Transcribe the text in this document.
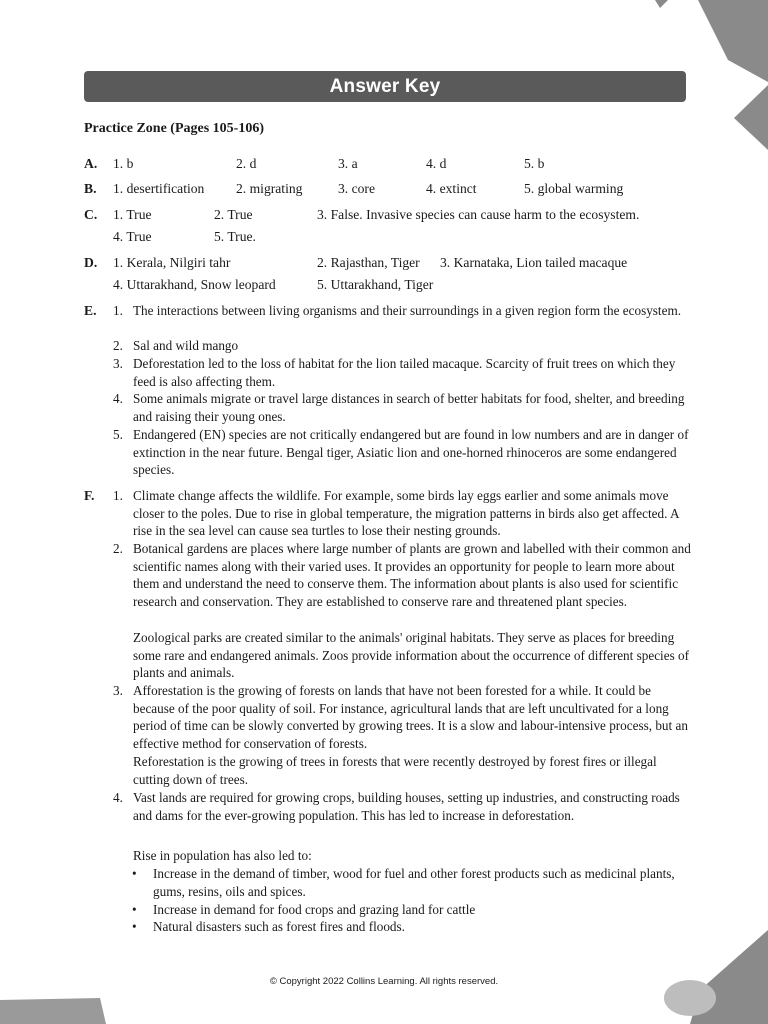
Answer Key
Practice Zone (Pages 105-106)
A. 1. b	2. d	3. a	4. d	5. b
B. 1. desertification 2. migrating	3. core	4. extinct	5. global warming
C. 1. True	2. True	3. False. Invasive species can cause harm to the ecosystem.
4. True	5. True.
D. 1. Kerala, Nilgiri tahr	2. Rajasthan, Tiger 3. Karnataka, Lion tailed macaque
4. Uttarakhand, Snow leopard	5. Uttarakhand, Tiger
E. 1. The interactions between living organisms and their surroundings in a given region form the ecosystem.
2. Sal and wild mango
3. Deforestation led to the loss of habitat for the lion tailed macaque. Scarcity of fruit trees on which they feed is also affecting them.
4. Some animals migrate or travel large distances in search of better habitats for food, shelter, and breeding and raising their young ones.
5. Endangered (EN) species are not critically endangered but are found in low numbers and are in danger of extinction in the near future. Bengal tiger, Asiatic lion and one-horned rhinoceros are some endangered species.
F. 1. Climate change affects the wildlife. For example, some birds lay eggs earlier and some animals move closer to the poles. Due to rise in global temperature, the migration patterns in birds also get affected. A rise in the sea level can cause sea turtles to lose their nesting grounds.
2. Botanical gardens are places where large number of plants are grown and labelled with their common and scientific names along with their varied uses. It provides an opportunity for people to learn more about them and understand the need to conserve them. The information about plants is also used for scientific research and conservation. They are established to conserve rare and threatened plant species.
Zoological parks are created similar to the animals' original habitats. They serve as places for breeding some rare and endangered animals. Zoos provide information about the occurrence of different species of plants and animals.
3. Afforestation is the growing of forests on lands that have not been forested for a while. It could be because of the poor quality of soil. For instance, agricultural lands that are left uncultivated for a long period of time can be slowly converted by growing trees. It is a slow and labour-intensive process, but an effective method for conservation of forests.
Reforestation is the growing of trees in forests that were recently destroyed by forest fires or illegal cutting down of trees.
4. Vast lands are required for growing crops, building houses, setting up industries, and constructing roads and dams for the ever-growing population. This has led to increase in deforestation.
Rise in population has also led to:
• Increase in the demand of timber, wood for fuel and other forest products such as medicinal plants, gums, resins, oils and spices.
• Increase in demand for food crops and grazing land for cattle
• Natural disasters such as forest fires and floods.
© Copyright 2022 Collins Learning. All rights reserved.
